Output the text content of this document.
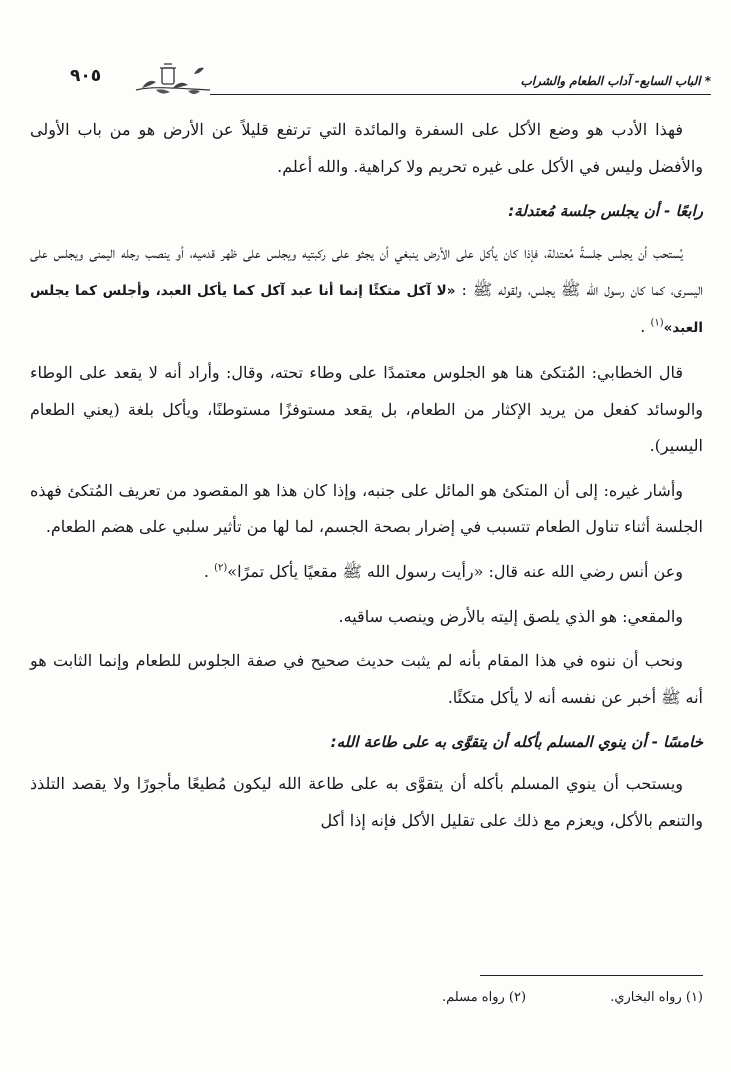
* الباب السابع- آداب الطعام والشراب
٩٠٥

فهذا الأدب هو وضع الأكل على السفرة والمائدة التي ترتفع قليلاً عن الأرض هو من باب الأولى والأفضل وليس في الأكل على غيره تحريم ولا كراهية. والله أعلم.

رابعًا - أن يجلس جلسة مُعتدلة:

يُستحب أن يجلس جلسةً مُعتدلة، فإذا كان يأكل على الأرض ينبغي أن يجثو على ركبتيه ويجلس على ظهر قدميه، أو ينصب رجله اليمنى ويجلس على اليسرى، كما كان رسول الله ﷺ يجلس، ولقوله ﷺ : «لا آكل متكئًا إنما أنا عبد آكل كما يأكل العبد، وأجلس كما يجلس العبد»$^{(١)}$ .

قال الخطابي: المُتكئ هنا هو الجلوس معتمدًا على وطاء تحته، وقال: وأراد أنه لا يقعد على الوطاء والوسائد كفعل من يريد الإكثار من الطعام، بل يقعد مستوفزًا مستوطنًا، ويأكل بلغة (يعني الطعام اليسير).

وأشار غيره: إلى أن المتكئ هو المائل على جنبه، وإذا كان هذا هو المقصود من تعريف المُتكئ فهذه الجلسة أثناء تناول الطعام تتسبب في إضرار بصحة الجسم، لما لها من تأثير سلبي على هضم الطعام.

وعن أنس رضي الله عنه قال: «رأيت رسول الله ﷺ مقعيًا يأكل تمرًا»$^{(٢)}$ .

والمقعي: هو الذي يلصق إليته بالأرض وينصب ساقيه.

ونحب أن ننوه في هذا المقام بأنه لم يثبت حديث صحيح في صفة الجلوس للطعام وإنما الثابت هو أنه ﷺ أخبر عن نفسه أنه لا يأكل متكئًا.

خامسًا - أن ينوي المسلم بأكله أن يتقوَّى به على طاعة الله:

ويستحب أن ينوي المسلم بأكله أن يتقوَّى به على طاعة الله ليكون مُطيعًا مأجورًا ولا يقصد التلذذ والتنعم بالأكل، ويعزم مع ذلك على تقليل الأكل فإنه إذا أكل

(١) رواه البخاري. (٢) رواه مسلم.
